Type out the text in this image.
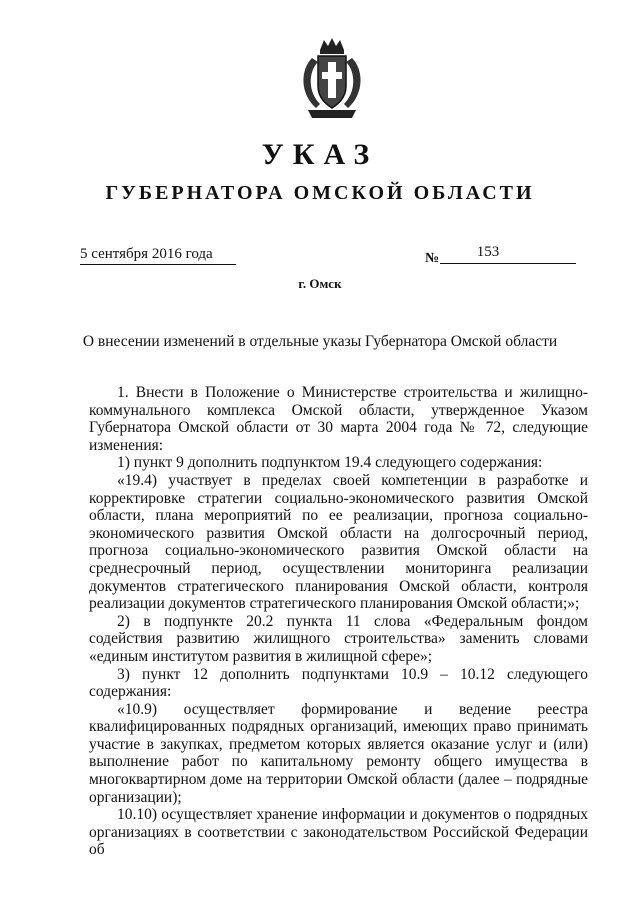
УКАЗ
ГУБЕРНАТОРА ОМСКОЙ ОБЛАСТИ
5 сентября 2016 года	№	153
г. Омск
О внесении изменений в отдельные указы Губернатора Омской области

1. Внести в Положение о Министерстве строительства и жилищно-коммунального комплекса Омской области, утвержденное Указом Губернатора Омской области от 30 марта 2004 года № 72, следующие изменения:

1) пункт 9 дополнить подпунктом 19.4 следующего содержания:

«19.4) участвует в пределах своей компетенции в разработке и корректировке стратегии социально-экономического развития Омской области, плана мероприятий по ее реализации, прогноза социально-экономического развития Омской области на долгосрочный период, прогноза социально-экономического развития Омской области на среднесрочный период, осуществлении мониторинга реализации документов стратегического планирования Омской области, контроля реализации документов стратегического планирования Омской области;»;

2) в подпункте 20.2 пункта 11 слова «Федеральным фондом содействия развитию жилищного строительства» заменить словами «единым институтом развития в жилищной сфере»;

3) пункт 12 дополнить подпунктами 10.9 – 10.12 следующего содержания:

«10.9) осуществляет формирование и ведение реестра квалифицированных подрядных организаций, имеющих право принимать участие в закупках, предметом которых является оказание услуг и (или) выполнение работ по капитальному ремонту общего имущества в многоквартирном доме на территории Омской области (далее – подрядные организации);

10.10) осуществляет хранение информации и документов о подрядных организациях в соответствии с законодательством Российской Федерации об
